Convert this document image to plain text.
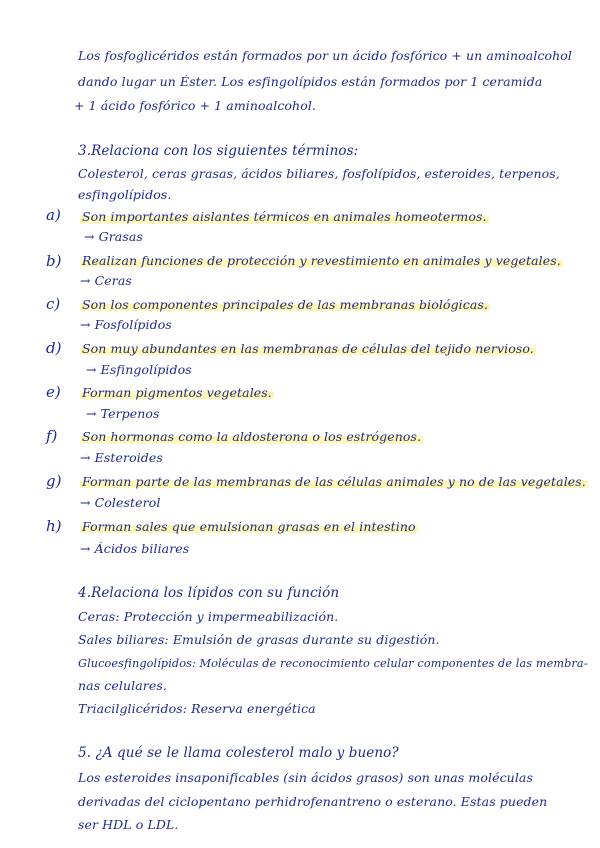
Los fosfoglicéridos están formados por un ácido fosfórico + un aminoalcohol
dando lugar un Éster. Los esfingolípidos están formados por 1 ceramida
+ 1 ácido fosfórico + 1 aminoalcohol.
3.Relaciona con los siguientes términos:
Colesterol, ceras grasas, ácidos biliares, fosfolípidos, esteroides, terpenos,
esfingolípidos.
a) Son importantes aislantes térmicos en animales homeotermos.
→ Grasas
b) Realizan funciones de protección y revestimiento en animales y vegetales.
→ Ceras
c) Son los componentes principales de las membranas biológicas.
→ Fosfolípidos
d) Son muy abundantes en las membranas de células del tejido nervioso.
→ Esfingolípidos
e) Forman pigmentos vegetales.
→ Terpenos
f) Son hormonas como la aldosterona o los estrógenos.
→ Esteroides
g) Forman parte de las membranas de las células animales y no de las vegetales.
→ Colesterol
h) Forman sales que emulsionan grasas en el intestino
→ Ácidos biliares
4.Relaciona los lípidos con su función
Ceras: Protección y impermeabilización.
Sales biliares: Emulsión de grasas durante su digestión.
Glucoesfingolípidos: Moléculas de reconocimiento celular componentes de las membra-
nas celulares.
Triacilglicéridos: Reserva energética
5. ¿A qué se le llama colesterol malo y bueno?
Los esteroides insaponificables (sin ácidos grasos) son unas moléculas
derivadas del ciclopentano perhidrofenantreno o esterano. Estas pueden
ser HDL o LDL.
